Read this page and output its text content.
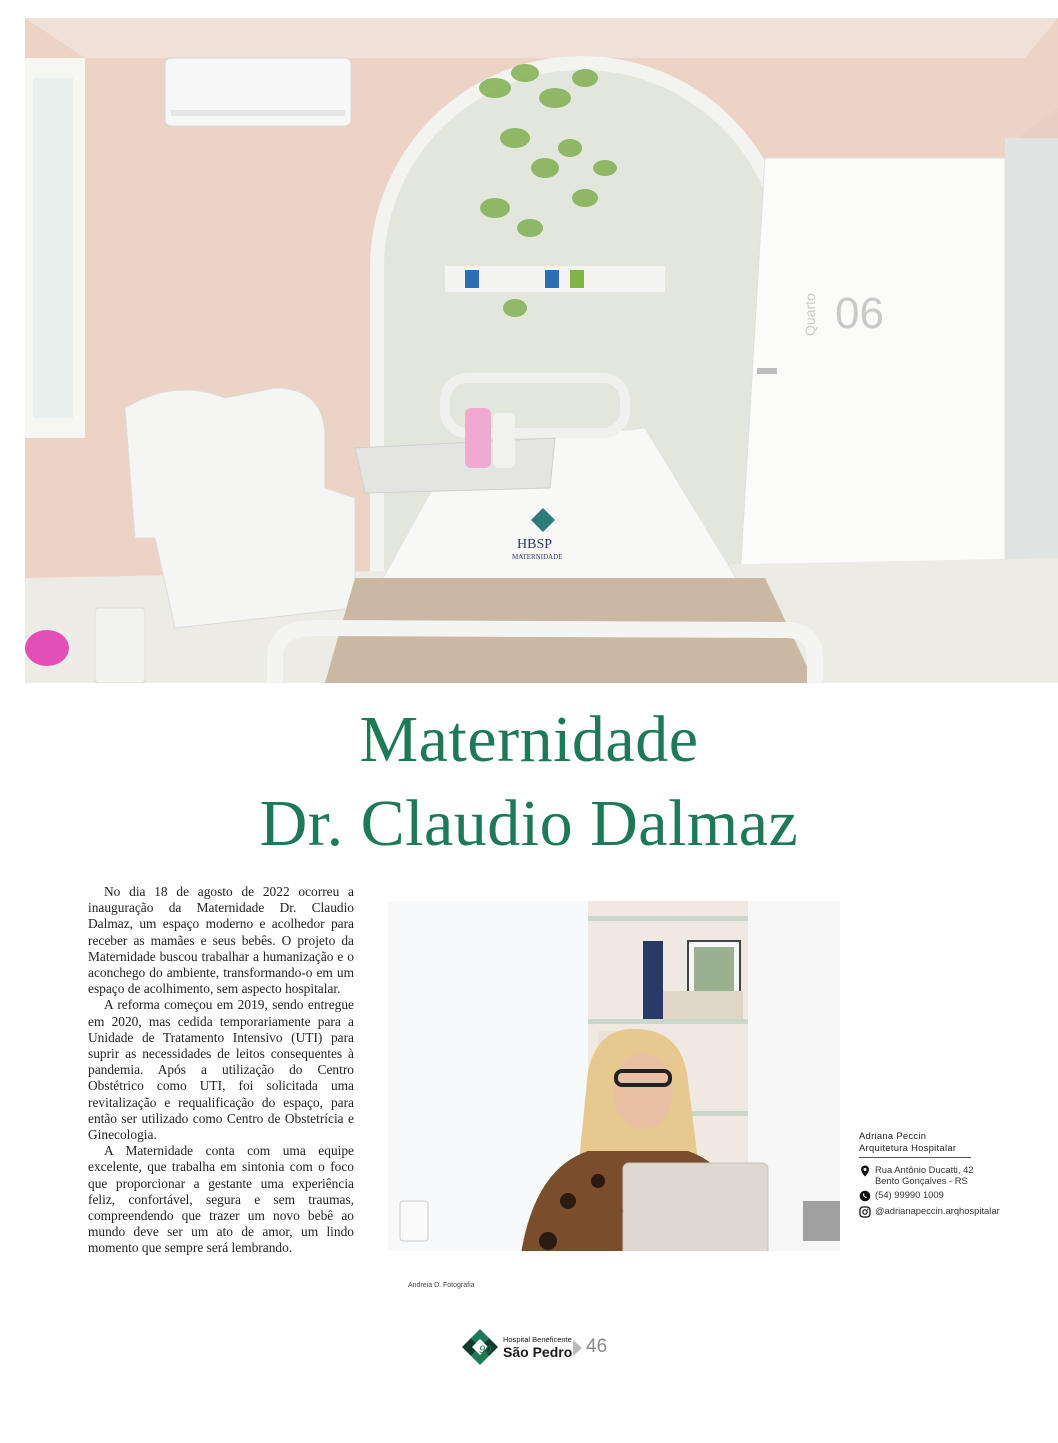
06
Quarto
HBSP
MATERNIDADE
Maternidade
Dr. Claudio Dalmaz

No dia 18 de agosto de 2022 ocorreu a inauguração da Maternidade Dr. Claudio Dalmaz, um espaço moderno e acolhedor para receber as mamães e seus bebês. O projeto da Maternidade buscou trabalhar a humanização e o aconchego do ambiente, transformando-o em um espaço de acolhimento, sem aspecto hospitalar.

A reforma começou em 2019, sendo entregue em 2020, mas cedida temporariamente para a Unidade de Tratamento Intensivo (UTI) para suprir as necessidades de leitos consequentes à pandemia. Após a utilização do Centro Obstétrico como UTI, foi solicitada uma revitalização e requalificação do espaço, para então ser utilizado como Centro de Obstetrícia e Ginecologia.

A Maternidade conta com uma equipe excelente, que trabalha em sintonia com o foco que proporcionar a gestante uma experiência feliz, confortável, segura e sem traumas, compreendendo que trazer um novo bebê ao mundo deve ser um ato de amor, um lindo momento que sempre será lembrando.

Andreia D. Fotografia
Adriana Peccin
Arquitetura Hospitalar
Rua Antônio Ducatti, 42
Bento Gonçalves - RS
(54) 99990 1009
@adrianapeccin.arqhospitalar
90
Hospital Beneficente
São Pedro 46
